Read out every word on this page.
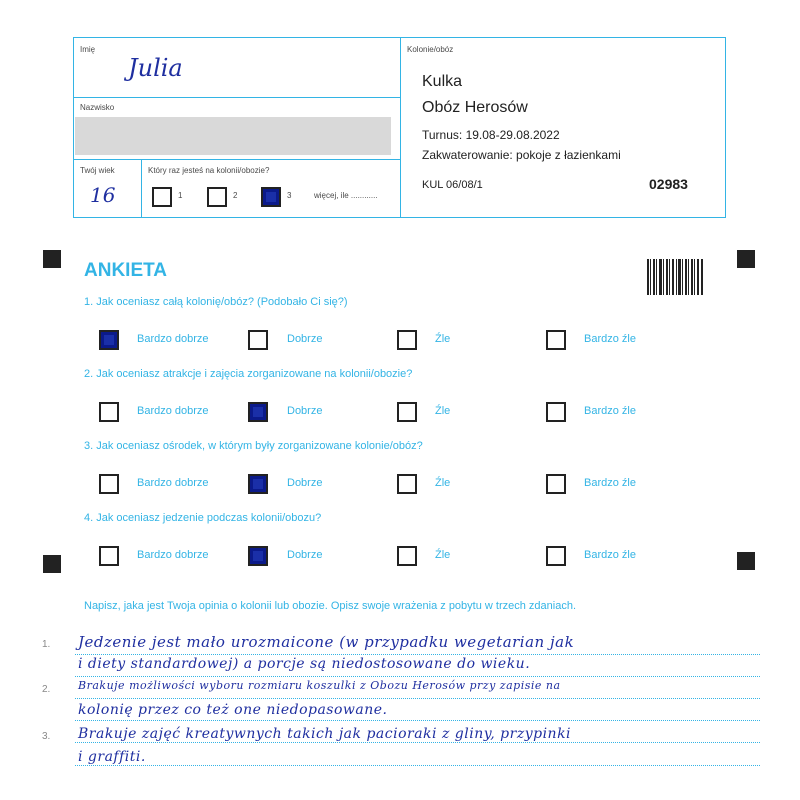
Imię
Julia
Nazwisko
Twój wiek
16
Który raz jesteś na kolonii/obozie?
1	2	3	więcej, ile ............
Kolonie/obóz
Kulka
Obóz Herosów
Turnus: 19.08-29.08.2022
Zakwaterowanie: pokoje z łazienkami
KUL 06/08/1	02983
ANKIETA
1. Jak oceniasz całą kolonię/obóz? (Podobało Ci się?)
Bardzo dobrze	Dobrze	Źle	Bardzo źle
2. Jak oceniasz atrakcje i zajęcia zorganizowane na kolonii/obozie?
Bardzo dobrze	Dobrze	Źle	Bardzo źle
3. Jak oceniasz ośrodek, w którym były zorganizowane kolonie/obóz?
Bardzo dobrze	Dobrze	Źle	Bardzo źle
4. Jak oceniasz jedzenie podczas kolonii/obozu?
Bardzo dobrze	Dobrze	Źle	Bardzo źle
Napisz, jaka jest Twoja opinia o kolonii lub obozie. Opisz swoje wrażenia z pobytu w trzech zdaniach.
1.
2.
3.
Jedzenie jest mało urozmaicone (w przypadku wegetarian jak
i diety standardowej) a porcje są niedostosowane do wieku.
Brakuje możliwości wyboru rozmiaru koszulki z Obozu Herosów przy zapisie na
kolonię przez co też one niedopasowane.
Brakuje zajęć kreatywnych takich jak pacioraki z gliny, przypinki
i graffiti.
